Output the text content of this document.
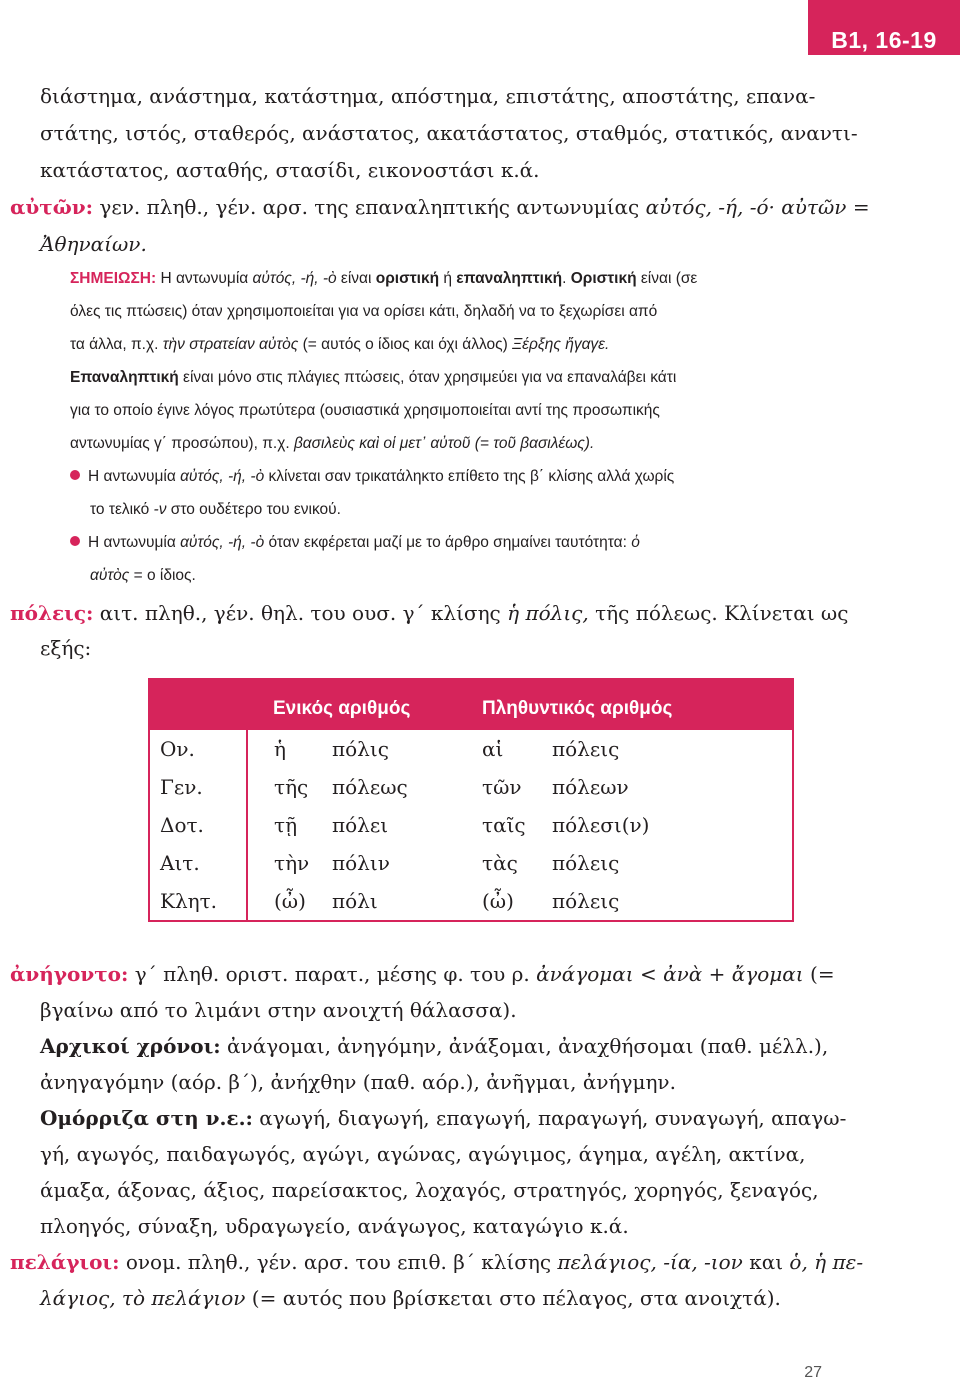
B1, 16-19
διάστημα, ανάστημα, κατάστημα, απόστημα, επιστάτης, αποστάτης, επανα-
στάτης, ιστός, σταθερός, ανάστατος, ακατάστατος, σταθμός, στατικός, αναντι-
κατάστατος, ασταθής, στασίδι, εικονοστάσι κ.ά.
αὐτῶν: γεν. πληθ., γέν. αρσ. της επαναληπτικής αντωνυμίας αὐτός, -ή, -ό· αὐτῶν =
Ἀθηναίων.
ΣΗΜΕΙΩΣΗ: Η αντωνυμία αὐτός, -ή, -ὸ είναι οριστική ή επαναληπτική. Οριστική είναι (σε
όλες τις πτώσεις) όταν χρησιμοποιείται για να ορίσει κάτι, δηλαδή να το ξεχωρίσει από
τα άλλα, π.χ. τὴν στρατείαν αὐτὸς (= αυτός ο ίδιος και όχι άλλος) Ξέρξης ἤγαγε.
Επαναληπτική είναι μόνο στις πλάγιες πτώσεις, όταν χρησιμεύει για να επαναλάβει κάτι
για το οποίο έγινε λόγος πρωτύτερα (ουσιαστικά χρησιμοποιείται αντί της προσωπικής
αντωνυμίας γ΄ προσώπου), π.χ. βασιλεὺς καὶ οἱ μετ᾽ αὐτοῦ (= τοῦ βασιλέως).
Η αντωνυμία αὐτός, -ή, -ὸ κλίνεται σαν τρικατάληκτο επίθετο της β΄ κλίσης αλλά χωρίς
το τελικό -ν στο ουδέτερο του ενικού.
Η αντωνυμία αὐτός, -ή, -ὸ όταν εκφέρεται μαζί με το άρθρο σημαίνει ταυτότητα: ὁ
αὐτὸς = ο ίδιος.
πόλεις: αιτ. πληθ., γέν. θηλ. του ουσ. γ΄ κλίσης ἡ πόλις, τῆς πόλεως. Κλίνεται ως
εξής:
	Ενικός αριθμός		Πληθυντικός αριθμός	
Ον.	ἡ	πόλις	αἱ	πόλεις
Γεν.	τῆς	πόλεως	τῶν	πόλεων
Δοτ.	τῇ	πόλει	ταῖς	πόλεσι(ν)
Αιτ.	τὴν	πόλιν	τὰς	πόλεις
Κλητ.	(ὦ)	πόλι	(ὦ)	πόλεις
ἀνήγοντο: γ΄ πληθ. οριστ. παρατ., μέσης φ. του ρ. ἀνάγομαι < ἀνὰ + ἄγομαι (=
βγαίνω από το λιμάνι στην ανοιχτή θάλασσα).
Αρχικοί χρόνοι: ἀνάγομαι, ἀνηγόμην, ἀνάξομαι, ἀναχθήσομαι (παθ. μέλλ.),
ἀνηγαγόμην (αόρ. β΄), ἀνήχθην (παθ. αόρ.), ἀνῆγμαι, ἀνήγμην.
Ομόρριζα στη ν.ε.: αγωγή, διαγωγή, επαγωγή, παραγωγή, συναγωγή, απαγω-
γή, αγωγός, παιδαγωγός, αγώγι, αγώνας, αγώγιμος, άγημα, αγέλη, ακτίνα,
άμαξα, άξονας, άξιος, παρείσακτος, λοχαγός, στρατηγός, χορηγός, ξεναγός,
πλοηγός, σύναξη, υδραγωγείο, ανάγωγος, καταγώγιο κ.ά.
πελάγιοι: ονομ. πληθ., γέν. αρσ. του επιθ. β΄ κλίσης πελάγιος, -ία, -ιον και ὁ, ἡ πε-
λάγιος, τὸ πελάγιον (= αυτός που βρίσκεται στο πέλαγος, στα ανοιχτά).
27
